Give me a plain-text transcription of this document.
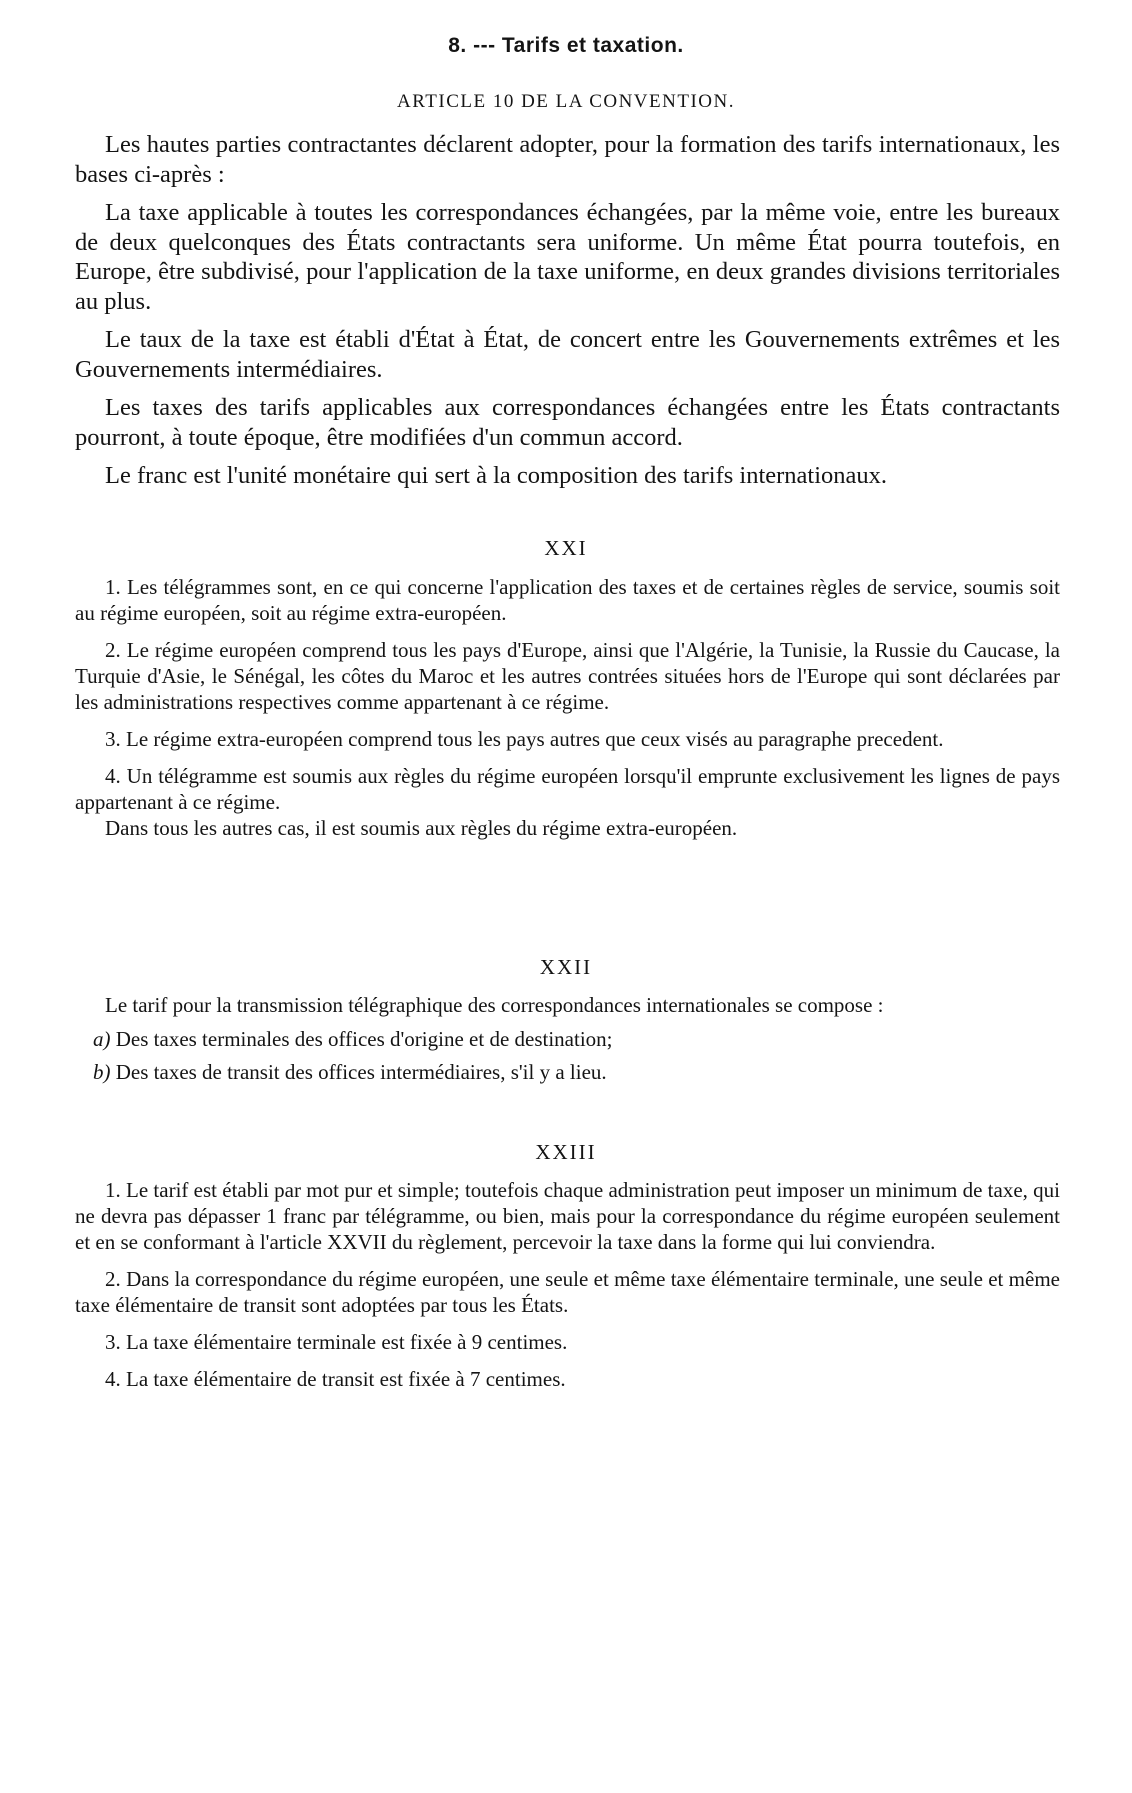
8. --- Tarifs et taxation.
ARTICLE 10 DE LA CONVENTION.

Les hautes parties contractantes déclarent adopter, pour la formation des tarifs internationaux, les bases ci-après :

La taxe applicable à toutes les correspondances échangées, par la même voie, entre les bureaux de deux quelconques des États contractants sera uniforme. Un même État pourra toutefois, en Europe, être subdivisé, pour l'application de la taxe uniforme, en deux grandes divisions territoriales au plus.

Le taux de la taxe est établi d'État à État, de concert entre les Gouvernements extrêmes et les Gouvernements intermédiaires.

Les taxes des tarifs applicables aux correspondances échangées entre les États contractants pourront, à toute époque, être modifiées d'un commun accord.

Le franc est l'unité monétaire qui sert à la composition des tarifs internationaux.

XXI

1. Les télégrammes sont, en ce qui concerne l'application des taxes et de certaines règles de service, soumis soit au régime européen, soit au régime extra-européen.

2. Le régime européen comprend tous les pays d'Europe, ainsi que l'Algérie, la Tunisie, la Russie du Caucase, la Turquie d'Asie, le Sénégal, les côtes du Maroc et les autres contrées situées hors de l'Europe qui sont déclarées par les administrations respectives comme appartenant à ce régime.

3. Le régime extra-européen comprend tous les pays autres que ceux visés au paragraphe precedent.

4. Un télégramme est soumis aux règles du régime européen lorsqu'il emprunte exclusivement les lignes de pays appartenant à ce régime.

Dans tous les autres cas, il est soumis aux règles du régime extra-européen.

XXII

Le tarif pour la transmission télégraphique des correspondances internationales se compose :

a) Des taxes terminales des offices d'origine et de destination;

b) Des taxes de transit des offices intermédiaires, s'il y a lieu.

XXIII

1. Le tarif est établi par mot pur et simple; toutefois chaque administration peut imposer un minimum de taxe, qui ne devra pas dépasser 1 franc par télégramme, ou bien, mais pour la correspondance du régime européen seulement et en se conformant à l'article XXVII du règlement, percevoir la taxe dans la forme qui lui conviendra.

2. Dans la correspondance du régime européen, une seule et même taxe élémentaire terminale, une seule et même taxe élémentaire de transit sont adoptées par tous les États.

3. La taxe élémentaire terminale est fixée à 9 centimes.

4. La taxe élémentaire de transit est fixée à 7 centimes.
